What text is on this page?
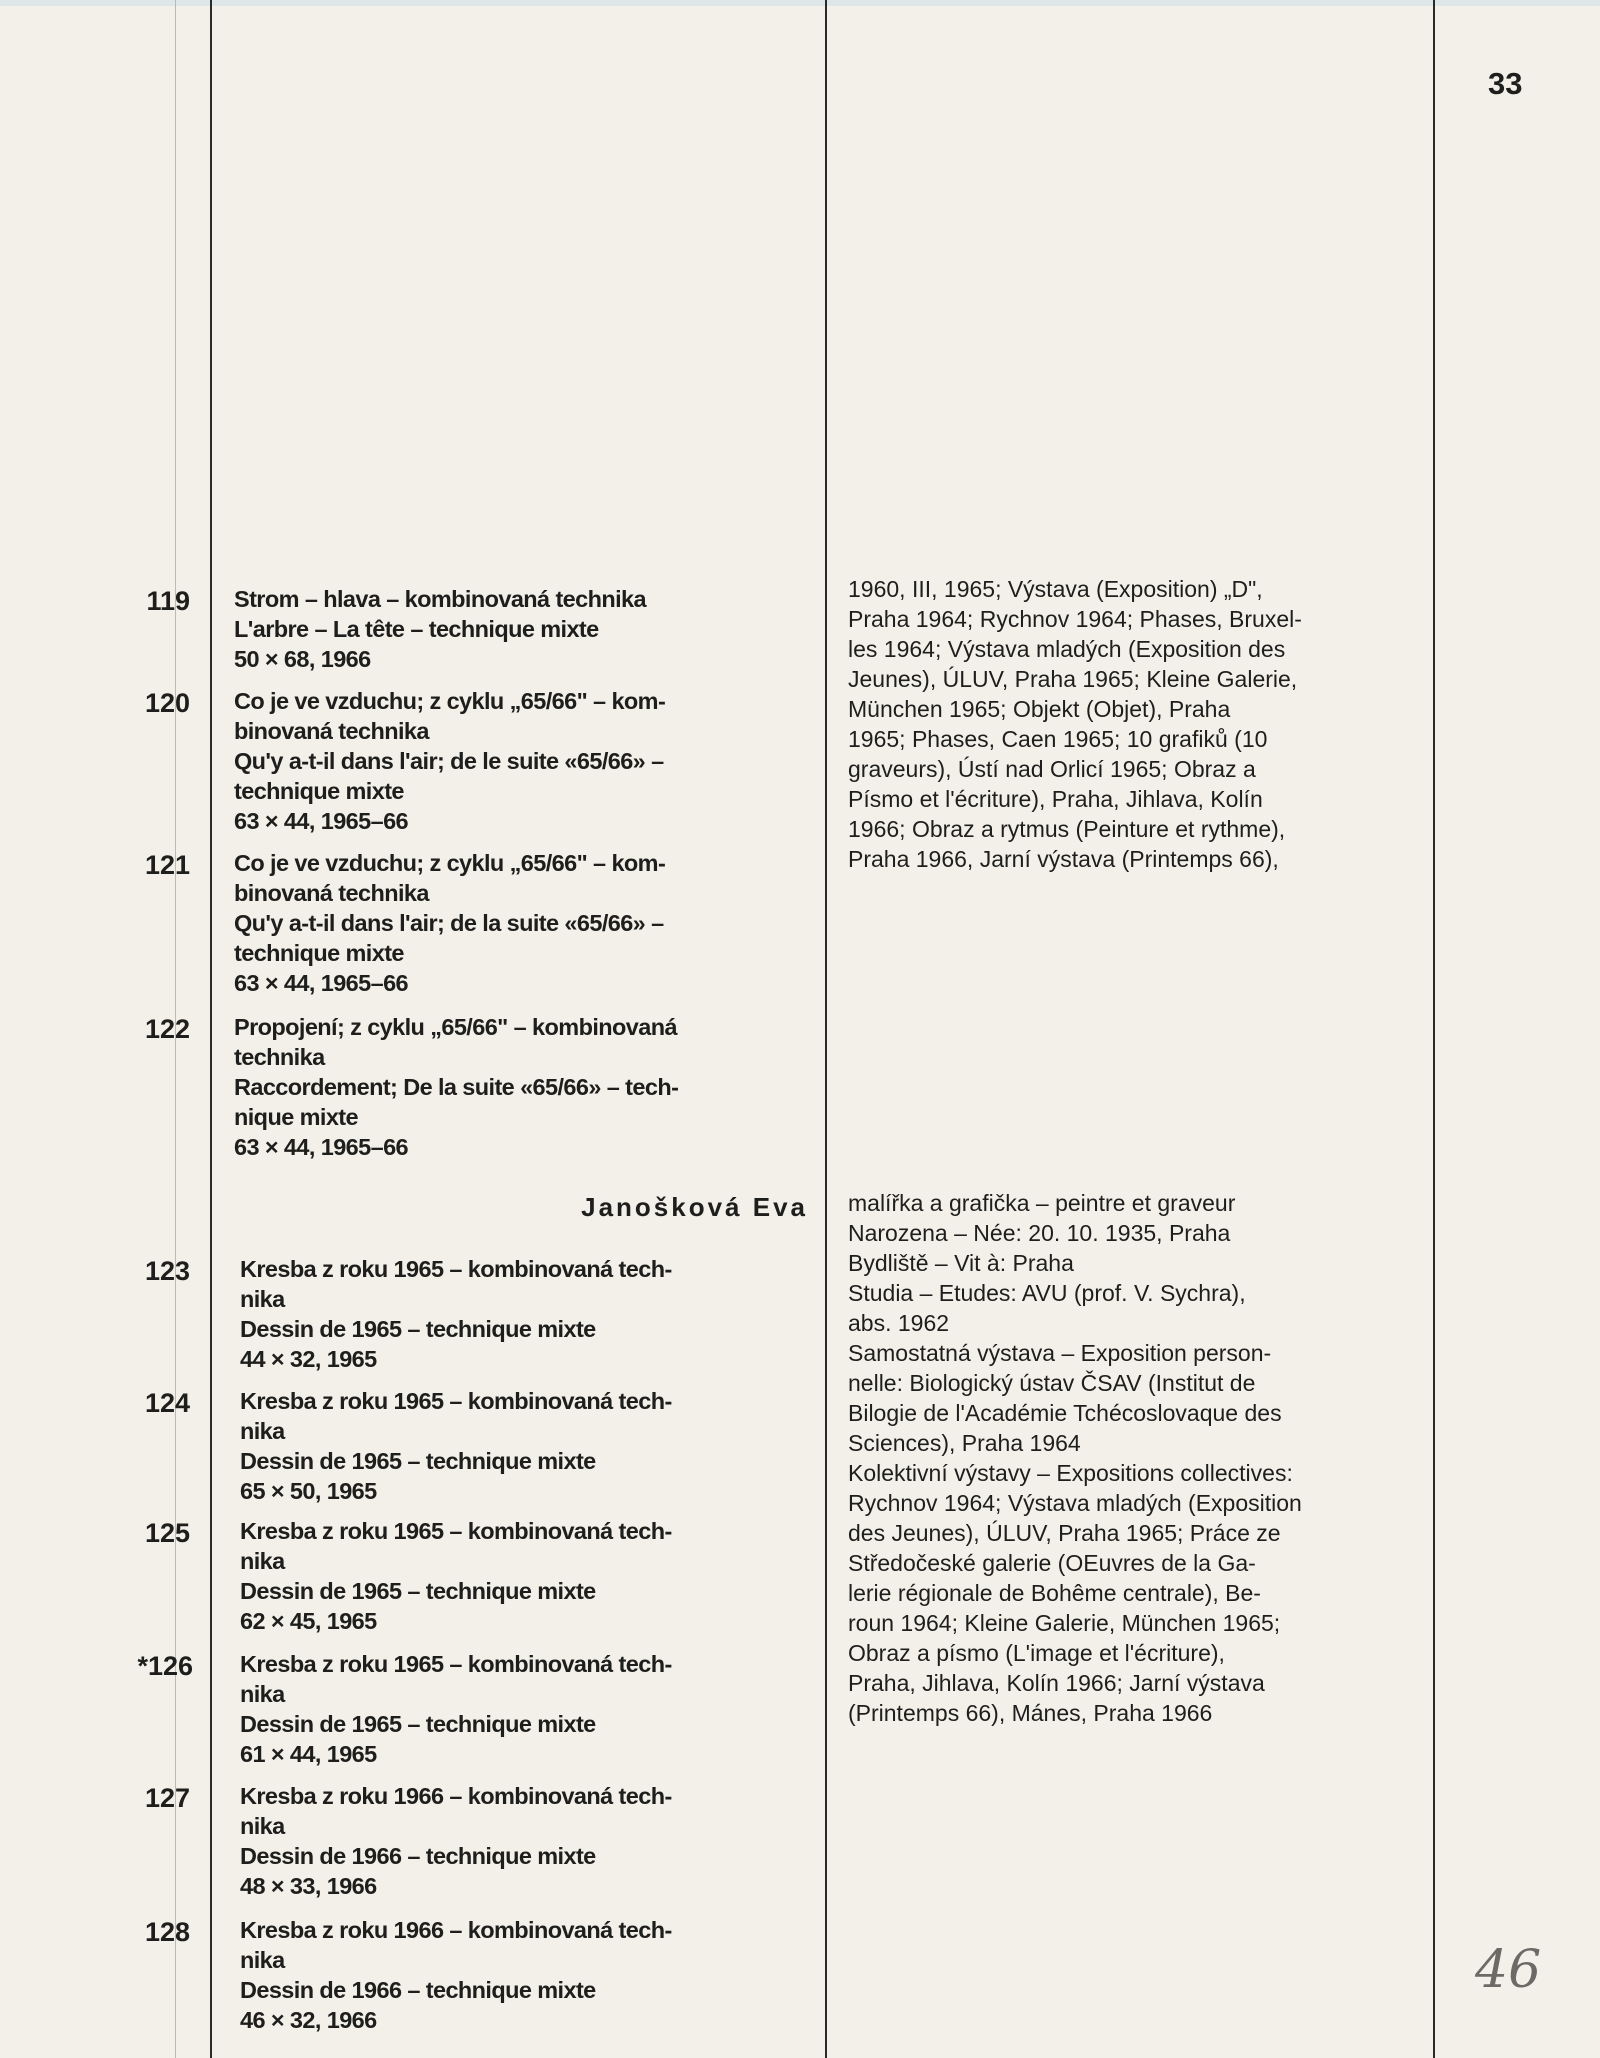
33
119 Strom – hlava – kombinovaná technika
L'arbre – La tête – technique mixte
50 × 68, 1966
120 Co je ve vzduchu; z cyklu „65/66" – kom-
binovaná technika
Qu'y a-t-il dans l'air; de le suite «65/66» –
technique mixte
63 × 44, 1965–66
121 Co je ve vzduchu; z cyklu „65/66" – kom-
binovaná technika
Qu'y a-t-il dans l'air; de la suite «65/66» –
technique mixte
63 × 44, 1965–66
122 Propojení; z cyklu „65/66" – kombinovaná
technika
Raccordement; De la suite «65/66» – tech-
nique mixte
63 × 44, 1965–66
123 Kresba z roku 1965 – kombinovaná tech-
nika
Dessin de 1965 – technique mixte
44 × 32, 1965
124 Kresba z roku 1965 – kombinovaná tech-
nika
Dessin de 1965 – technique mixte
65 × 50, 1965
125 Kresba z roku 1965 – kombinovaná tech-
nika
Dessin de 1965 – technique mixte
62 × 45, 1965
*126 Kresba z roku 1965 – kombinovaná tech-
nika
Dessin de 1965 – technique mixte
61 × 44, 1965
127 Kresba z roku 1966 – kombinovaná tech-
nika
Dessin de 1966 – technique mixte
48 × 33, 1966
128 Kresba z roku 1966 – kombinovaná tech-
nika
Dessin de 1966 – technique mixte
46 × 32, 1966
Janošková Eva
1960, III, 1965; Výstava (Exposition) „D",
Praha 1964; Rychnov 1964; Phases, Bruxel-
les 1964; Výstava mladých (Exposition des
Jeunes), ÚLUV, Praha 1965; Kleine Galerie,
München 1965; Objekt (Objet), Praha
1965; Phases, Caen 1965; 10 grafiků (10
graveurs), Ústí nad Orlicí 1965; Obraz a
Písmo et l'écriture), Praha, Jihlava, Kolín
1966; Obraz a rytmus (Peinture et rythme),
Praha 1966, Jarní výstava (Printemps 66),
malířka a grafička – peintre et graveur
Narozena – Née: 20. 10. 1935, Praha
Bydliště – Vit à: Praha
Studia – Etudes: AVU (prof. V. Sychra),
abs. 1962
Samostatná výstava – Exposition person-
nelle: Biologický ústav ČSAV (Institut de
Bilogie de l'Académie Tchécoslovaque des
Sciences), Praha 1964
Kolektivní výstavy – Expositions collectives:
Rychnov 1964; Výstava mladých (Exposition
des Jeunes), ÚLUV, Praha 1965; Práce ze
Středočeské galerie (OEuvres de la Ga-
lerie régionale de Bohême centrale), Be-
roun 1964; Kleine Galerie, München 1965;
Obraz a písmo (L'image et l'écriture),
Praha, Jihlava, Kolín 1966; Jarní výstava
(Printemps 66), Mánes, Praha 1966
46
